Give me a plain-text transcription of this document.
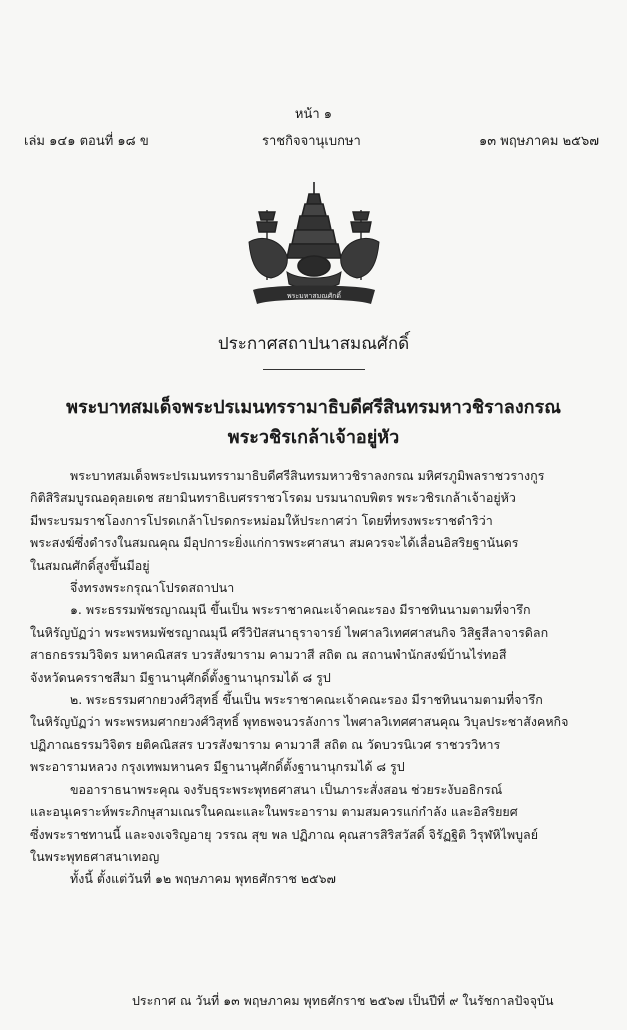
หน้า ๑
เล่ม ๑๔๑ ตอนที่ ๑๘ ข	ราชกิจจานุเบกษา	๑๓ พฤษภาคม ๒๕๖๗
พระมหาสมณศักดิ์
ประกาศสถาปนาสมณศักดิ์
พระบาทสมเด็จพระปรเมนทรรามาธิบดีศรีสินทรมหาวชิราลงกรณ
พระวชิรเกล้าเจ้าอยู่หัว

พระบาทสมเด็จพระปรเมนทรรามาธิบดีศรีสินทรมหาวชิราลงกรณ มหิศรภูมิพลราชวรางกูร
กิติสิริสมบูรณอดุลยเดช สยามินทราธิเบศรราชวโรดม บรมนาถบพิตร พระวชิรเกล้าเจ้าอยู่หัว
มีพระบรมราชโองการโปรดเกล้าโปรดกระหม่อมให้ประกาศว่า โดยที่ทรงพระราชดำริว่า
พระสงฆ์ซึ่งดำรงในสมณคุณ มีอุปการะยิ่งแก่การพระศาสนา สมควรจะได้เลื่อนอิสริยฐานันดร
ในสมณศักดิ์สูงขึ้นมีอยู่

จึ่งทรงพระกรุณาโปรดสถาปนา

๑. พระธรรมพัชรญาณมุนี ขึ้นเป็น พระราชาคณะเจ้าคณะรอง มีราชทินนามตามที่จารึก
ในหิรัญบัฏว่า พระพรหมพัชรญาณมุนี ศรีวิปัสสนาธุราจารย์ ไพศาลวิเทศศาสนกิจ วิสิฐสีลาจารดิลก
สาธกธรรมวิจิตร มหาคณิสสร บวรสังฆาราม คามวาสี สถิต ณ สถานพำนักสงฆ์บ้านไร่ทอสี
จังหวัดนครราชสีมา มีฐานานุศักดิ์ตั้งฐานานุกรมได้ ๘ รูป

๒. พระธรรมศากยวงศ์วิสุทธิ์ ขึ้นเป็น พระราชาคณะเจ้าคณะรอง มีราชทินนามตามที่จารึก
ในหิรัญบัฏว่า พระพรหมศากยวงศ์วิสุทธิ์ พุทธพจนวรลังการ ไพศาลวิเทศศาสนคุณ วิบุลประชาสังคหกิจ
ปฏิภาณธรรมวิจิตร ยติคณิสสร บวรสังฆาราม คามวาสี สถิต ณ วัดบวรนิเวศ ราชวรวิหาร
พระอารามหลวง กรุงเทพมหานคร มีฐานานุศักดิ์ตั้งฐานานุกรมได้ ๘ รูป

ขออาราธนาพระคุณ จงรับธุระพระพุทธศาสนา เป็นภาระสั่งสอน ช่วยระงับอธิกรณ์
และอนุเคราะห์พระภิกษุสามเณรในคณะและในพระอาราม ตามสมควรแก่กำลัง และอิสริยยศ
ซึ่งพระราชทานนี้ และจงเจริญอายุ วรรณ สุข พล ปฏิภาณ คุณสารสิริสวัสดิ์ จิรัฏฐิติ วิรุฬหิไพบูลย์
ในพระพุทธศาสนาเทอญ

ทั้งนี้ ตั้งแต่วันที่ ๑๒ พฤษภาคม พุทธศักราช ๒๕๖๗

ประกาศ ณ วันที่ ๑๓ พฤษภาคม พุทธศักราช ๒๕๖๗ เป็นปีที่ ๙ ในรัชกาลปัจจุบัน
